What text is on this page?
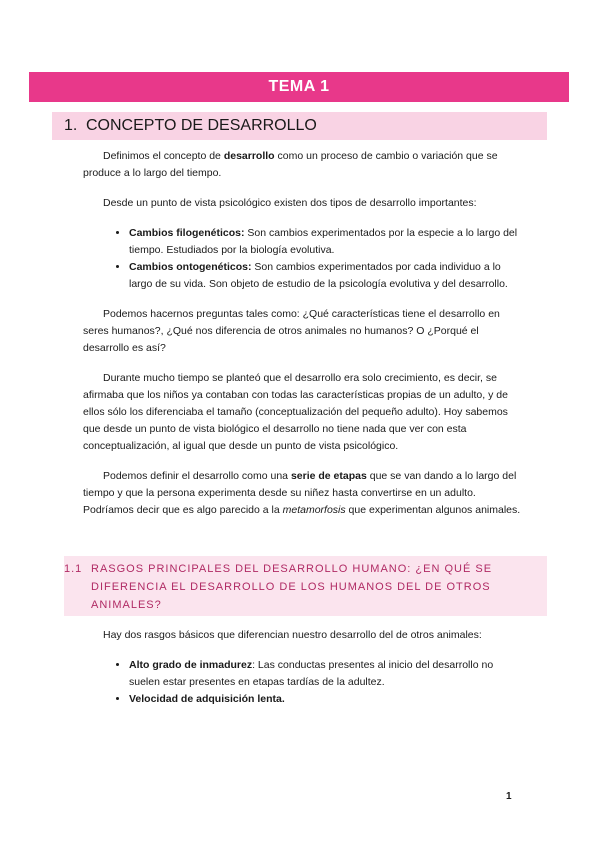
TEMA 1
1. CONCEPTO DE DESARROLLO

Definimos el concepto de desarrollo como un proceso de cambio o variación que se produce a lo largo del tiempo.

Desde un punto de vista psicológico existen dos tipos de desarrollo importantes:

• Cambios filogenéticos: Son cambios experimentados por la especie a lo largo del tiempo. Estudiados por la biología evolutiva.
• Cambios ontogenéticos: Son cambios experimentados por cada individuo a lo largo de su vida. Son objeto de estudio de la psicología evolutiva y del desarrollo.

Podemos hacernos preguntas tales como: ¿Qué características tiene el desarrollo en seres humanos?, ¿Qué nos diferencia de otros animales no humanos? O ¿Porqué el desarrollo es así?

Durante mucho tiempo se planteó que el desarrollo era solo crecimiento, es decir, se afirmaba que los niños ya contaban con todas las características propias de un adulto, y de ellos sólo los diferenciaba el tamaño (conceptualización del pequeño adulto). Hoy sabemos que desde un punto de vista biológico el desarrollo no tiene nada que ver con esta conceptualización, al igual que desde un punto de vista psicológico.

Podemos definir el desarrollo como una serie de etapas que se van dando a lo largo del tiempo y que la persona experimenta desde su niñez hasta convertirse en un adulto. Podríamos decir que es algo parecido a la metamorfosis que experimentan algunos animales.

1.1 RASGOS PRINCIPALES DEL DESARROLLO HUMANO: ¿EN QUÉ SE DIFERENCIA EL DESARROLLO DE LOS HUMANOS DEL DE OTROS ANIMALES?

Hay dos rasgos básicos que diferencian nuestro desarrollo del de otros animales:

• Alto grado de inmadurez: Las conductas presentes al inicio del desarrollo no suelen estar presentes en etapas tardías de la adultez.
• Velocidad de adquisición lenta.
1
